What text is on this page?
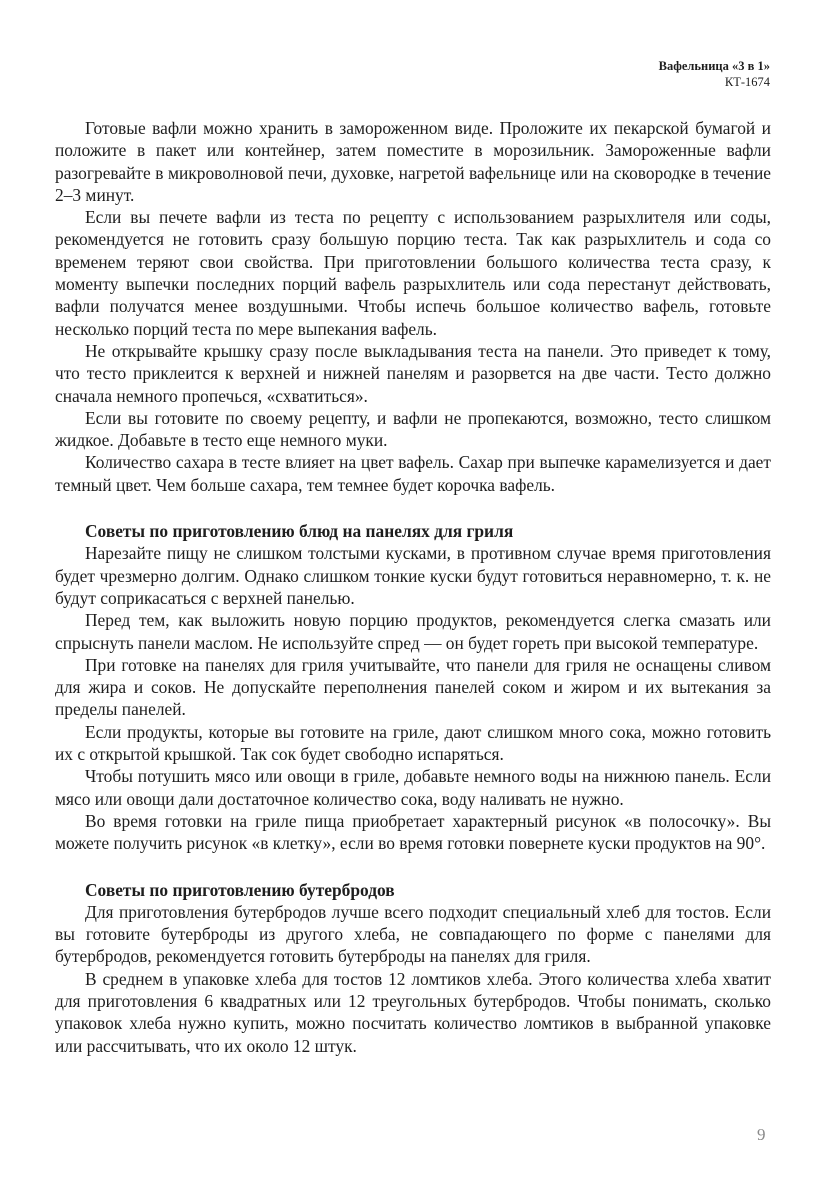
Вафельница «3 в 1»
КТ-1674

Готовые вафли можно хранить в замороженном виде. Проложите их пекарской бумагой и положите в пакет или контейнер, затем поместите в морозильник. Замороженные вафли разогревайте в микроволновой печи, духовке, нагретой вафельнице или на сковородке в течение 2–3 минут.

Если вы печете вафли из теста по рецепту с использованием разрыхлителя или соды, рекомендуется не готовить сразу большую порцию теста. Так как разрыхлитель и сода со временем теряют свои свойства. При приготовлении большого количества теста сразу, к моменту выпечки последних порций вафель разрыхлитель или сода перестанут действовать, вафли получатся менее воздушными. Чтобы испечь большое количество вафель, готовьте несколько порций теста по мере выпекания вафель.

Не открывайте крышку сразу после выкладывания теста на панели. Это приведет к тому, что тесто приклеится к верхней и нижней панелям и разорвется на две части. Тесто должно сначала немного пропечься, «схватиться».

Если вы готовите по своему рецепту, и вафли не пропекаются, возможно, тесто слишком жидкое. Добавьте в тесто еще немного муки.

Количество сахара в тесте влияет на цвет вафель. Сахар при выпечке карамелизуется и дает темный цвет. Чем больше сахара, тем темнее будет корочка вафель.

Советы по приготовлению блюд на панелях для гриля

Нарезайте пищу не слишком толстыми кусками, в противном случае время приготовления будет чрезмерно долгим. Однако слишком тонкие куски будут готовиться неравномерно, т. к. не будут соприкасаться с верхней панелью.

Перед тем, как выложить новую порцию продуктов, рекомендуется слегка смазать или спрыснуть панели маслом. Не используйте спред — он будет гореть при высокой температуре.

При готовке на панелях для гриля учитывайте, что панели для гриля не оснащены сливом для жира и соков. Не допускайте переполнения панелей соком и жиром и их вытекания за пределы панелей.

Если продукты, которые вы готовите на гриле, дают слишком много сока, можно готовить их с открытой крышкой. Так сок будет свободно испаряться.

Чтобы потушить мясо или овощи в гриле, добавьте немного воды на нижнюю панель. Если мясо или овощи дали достаточное количество сока, воду наливать не нужно.

Во время готовки на гриле пища приобретает характерный рисунок «в полосочку». Вы можете получить рисунок «в клетку», если во время готовки повернете куски продуктов на 90°.

Советы по приготовлению бутербродов

Для приготовления бутербродов лучше всего подходит специальный хлеб для тостов. Если вы готовите бутерброды из другого хлеба, не совпадающего по форме с панелями для бутербродов, рекомендуется готовить бутерброды на панелях для гриля.

В среднем в упаковке хлеба для тостов 12 ломтиков хлеба. Этого количества хлеба хватит для приготовления 6 квадратных или 12 треугольных бутербродов. Чтобы понимать, сколько упаковок хлеба нужно купить, можно посчитать количество ломтиков в выбранной упаковке или рассчитывать, что их около 12 штук.

9
